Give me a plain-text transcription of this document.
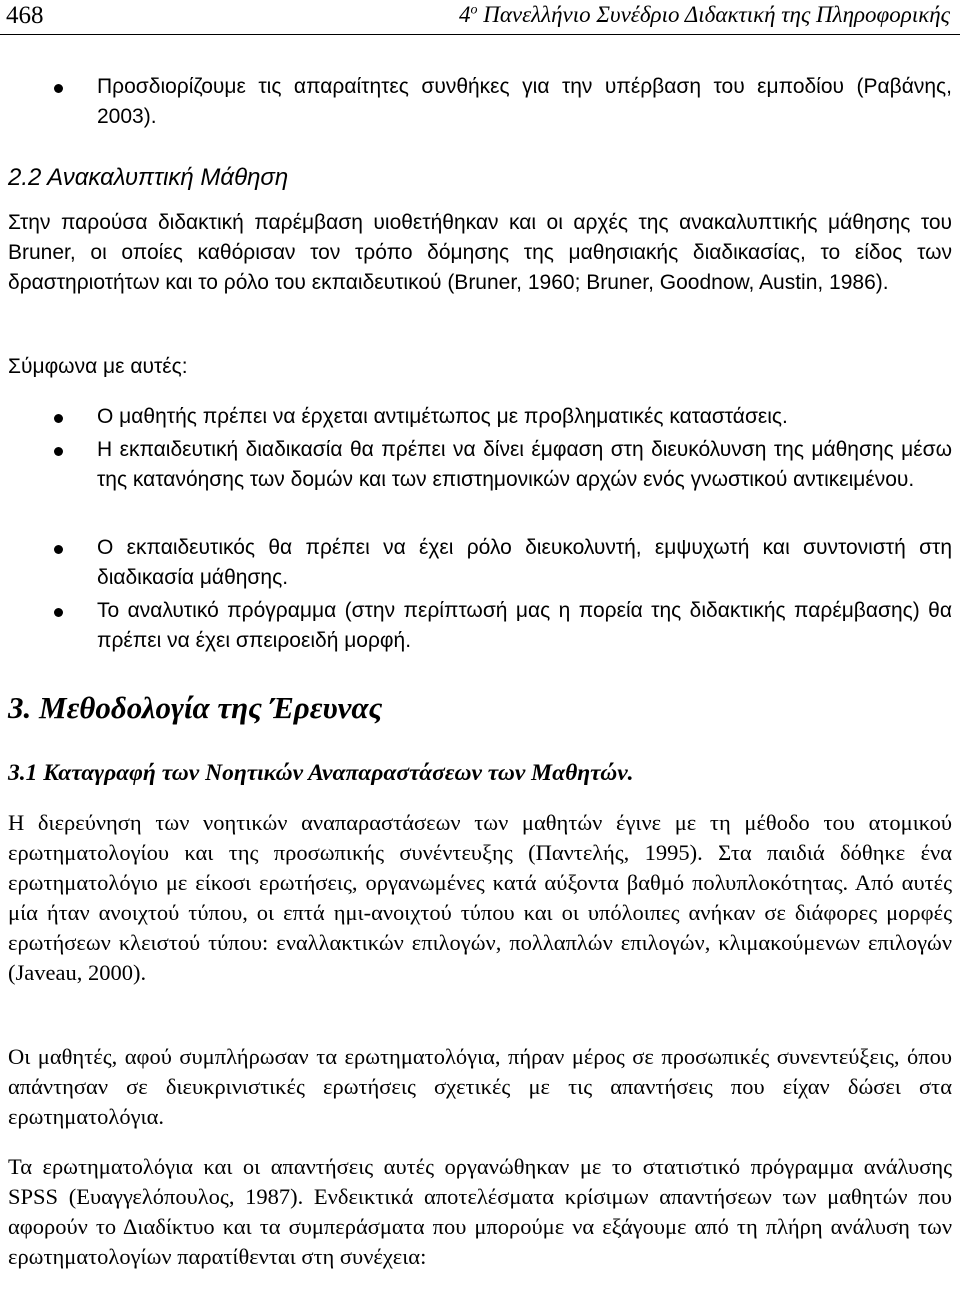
468	$4^o$ Πανελλήνιο Συνέδριο Διδακτική της Πληροφορικής
Προσδιορίζουμε τις απαραίτητες συνθήκες για την υπέρβαση του εμποδίου (Ραβάνης, 2003).
2.2 Ανακαλυπτική Μάθηση
Στην παρούσα διδακτική παρέμβαση υιοθετήθηκαν και οι αρχές της ανακαλυπτικής μάθησης του Bruner, οι οποίες καθόρισαν τον τρόπο δόμησης της μαθησιακής διαδικασίας, το είδος των δραστηριοτήτων και το ρόλο του εκπαιδευτικού (Bruner, 1960; Bruner, Goodnow, Austin, 1986).
Σύμφωνα με αυτές:
Ο μαθητής πρέπει να έρχεται αντιμέτωπος με προβληματικές καταστάσεις.
Η εκπαιδευτική διαδικασία θα πρέπει να δίνει έμφαση στη διευκόλυνση της μάθησης μέσω της κατανόησης των δομών και των επιστημονικών αρχών ενός γνωστικού αντικειμένου.
Ο εκπαιδευτικός θα πρέπει να έχει ρόλο διευκολυντή, εμψυχωτή και συντονιστή στη διαδικασία μάθησης.
Το αναλυτικό πρόγραμμα (στην περίπτωσή μας η πορεία της διδακτικής παρέμβασης) θα πρέπει να έχει σπειροειδή μορφή.
3. Μεθοδολογία της Έρευνας
3.1 Καταγραφή των Νοητικών Αναπαραστάσεων των Μαθητών.
Η διερεύνηση των νοητικών αναπαραστάσεων των μαθητών έγινε με τη μέθοδο του ατομικού ερωτηματολογίου και της προσωπικής συνέντευξης (Παντελής, 1995). Στα παιδιά δόθηκε ένα ερωτηματολόγιο με είκοσι ερωτήσεις, οργανωμένες κατά αύξοντα βαθμό πολυπλοκότητας. Από αυτές μία ήταν ανοιχτού τύπου, οι επτά ημι-ανοιχτού τύπου και οι υπόλοιπες ανήκαν σε διάφορες μορφές ερωτήσεων κλειστού τύπου: εναλλακτικών επιλογών, πολλαπλών επιλογών, κλιμακούμενων επιλογών (Javeau, 2000).
Οι μαθητές, αφού συμπλήρωσαν τα ερωτηματολόγια, πήραν μέρος σε προσωπικές συνεντεύξεις, όπου απάντησαν σε διευκρινιστικές ερωτήσεις σχετικές με τις απαντήσεις που είχαν δώσει στα ερωτηματολόγια.
Τα ερωτηματολόγια και οι απαντήσεις αυτές οργανώθηκαν με το στατιστικό πρόγραμμα ανάλυσης SPSS (Ευαγγελόπουλος, 1987). Ενδεικτικά αποτελέσματα κρίσιμων απαντήσεων των μαθητών που αφορούν το Διαδίκτυο και τα συμπεράσματα που μπορούμε να εξάγουμε από τη πλήρη ανάλυση των ερωτηματολογίων παρατίθενται στη συνέχεια:
